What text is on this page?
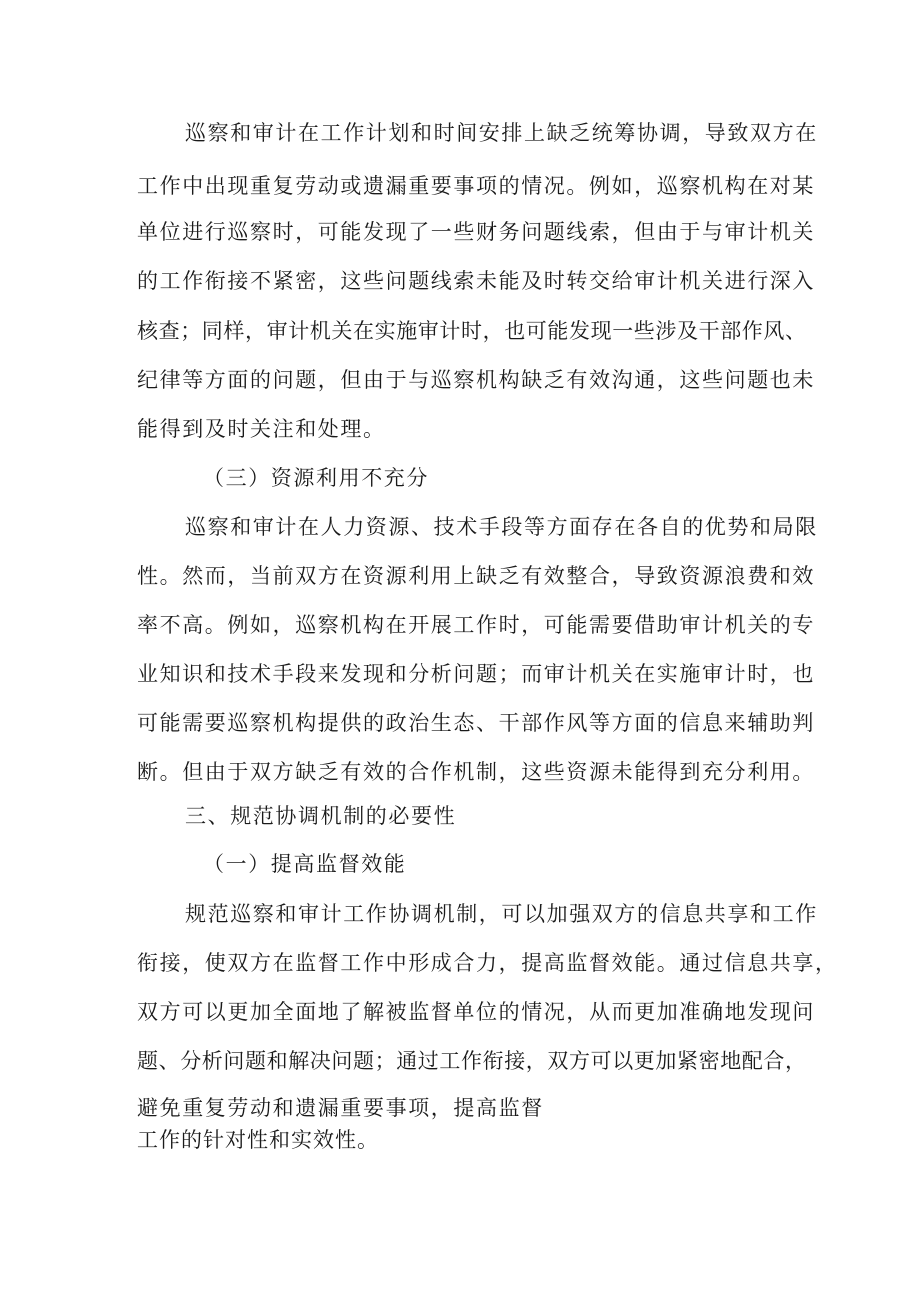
巡察和审计在工作计划和时间安排上缺乏统筹协调，导致双方在
工作中出现重复劳动或遗漏重要事项的情况。例如，巡察机构在对某
单位进行巡察时，可能发现了一些财务问题线索，但由于与审计机关
的工作衔接不紧密，这些问题线索未能及时转交给审计机关进行深入
核查；同样，审计机关在实施审计时，也可能发现一些涉及干部作风、
纪律等方面的问题，但由于与巡察机构缺乏有效沟通，这些问题也未
能得到及时关注和处理。
（三）资源利用不充分
巡察和审计在人力资源、技术手段等方面存在各自的优势和局限
性。然而，当前双方在资源利用上缺乏有效整合，导致资源浪费和效
率不高。例如，巡察机构在开展工作时，可能需要借助审计机关的专
业知识和技术手段来发现和分析问题；而审计机关在实施审计时，也
可能需要巡察机构提供的政治生态、干部作风等方面的信息来辅助判
断。但由于双方缺乏有效的合作机制，这些资源未能得到充分利用。
三、规范协调机制的必要性
（一）提高监督效能
规范巡察和审计工作协调机制，可以加强双方的信息共享和工作
衔接，使双方在监督工作中形成合力，提高监督效能。通过信息共享，
双方可以更加全面地了解被监督单位的情况，从而更加准确地发现问
题、分析问题和解决问题；通过工作衔接，双方可以更加紧密地配合，
避免重复劳动和遗漏重要事项，提高监督
工作的针对性和实效性。
